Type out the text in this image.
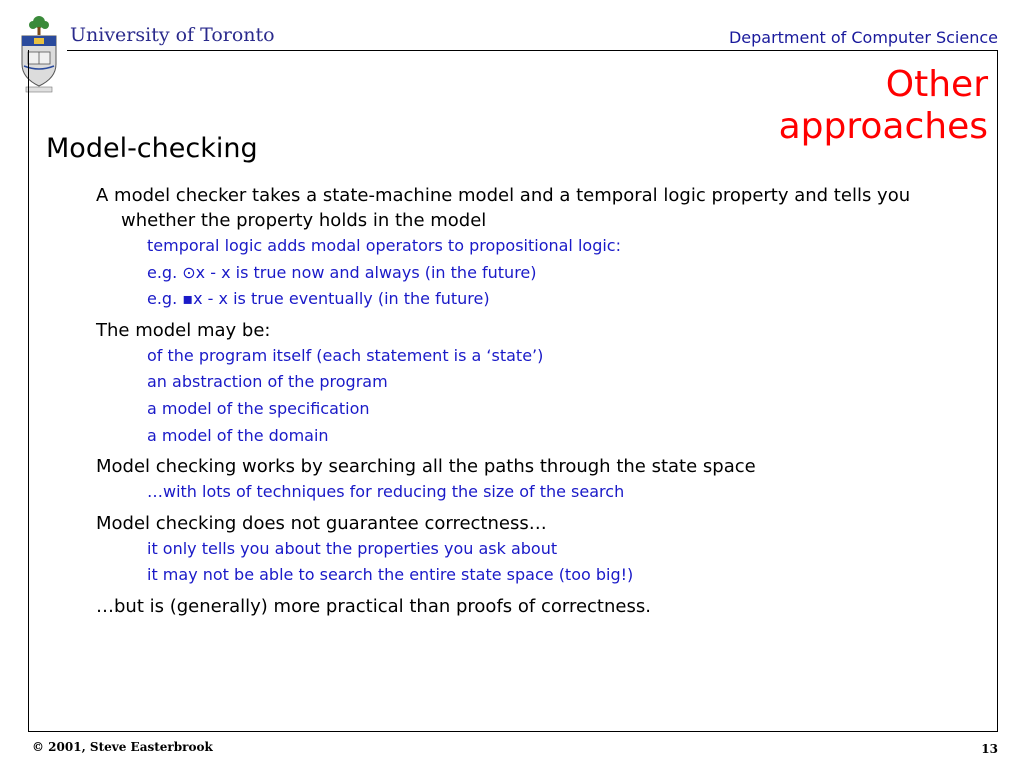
University of Toronto	Department of Computer Science
Other
approaches
Model-checking
A model checker takes a state-machine model and a temporal logic property and tells you whether the property holds in the model
temporal logic adds modal operators to propositional logic:
e.g. ⊙x - x is true now and always (in the future)
e.g. ▪x - x is true eventually (in the future)
The model may be:
of the program itself (each statement is a ‘state’)
an abstraction of the program
a model of the specification
a model of the domain
Model checking works by searching all the paths through the state space
…with lots of techniques for reducing the size of the search
Model checking does not guarantee correctness…
it only tells you about the properties you ask about
it may not be able to search the entire state space (too big!)
…but is (generally) more practical than proofs of correctness.
© 2001, Steve Easterbrook	13
